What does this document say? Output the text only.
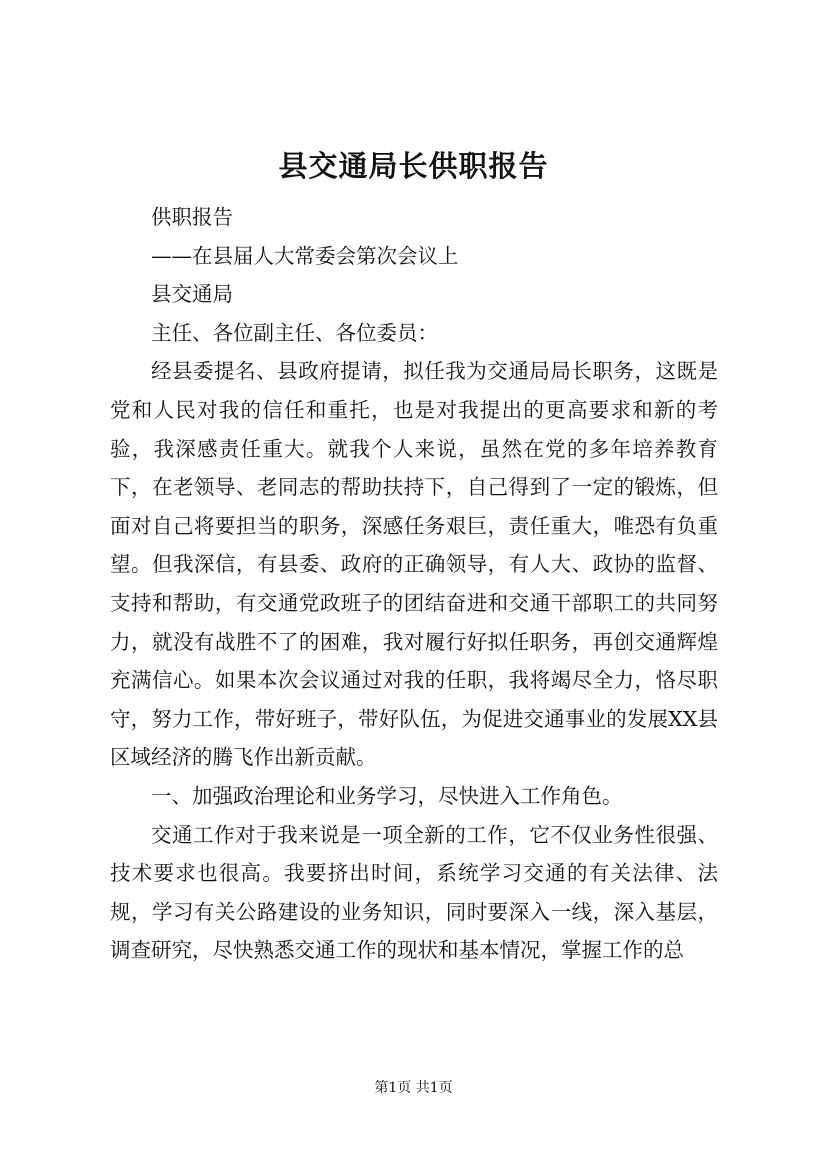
县交通局长供职报告

供职报告

——在县届人大常委会第次会议上

县交通局

主任、各位副主任、各位委员：

经县委提名、县政府提请，拟任我为交通局局长职务，这既是党和人民对我的信任和重托，也是对我提出的更高要求和新的考验，我深感责任重大。就我个人来说，虽然在党的多年培养教育下，在老领导、老同志的帮助扶持下，自己得到了一定的锻炼，但面对自己将要担当的职务，深感任务艰巨，责任重大，唯恐有负重望。但我深信，有县委、政府的正确领导，有人大、政协的监督、支持和帮助，有交通党政班子的团结奋进和交通干部职工的共同努力，就没有战胜不了的困难，我对履行好拟任职务，再创交通辉煌充满信心。如果本次会议通过对我的任职，我将竭尽全力，恪尽职守，努力工作，带好班子，带好队伍，为促进交通事业的发展XX县区域经济的腾飞作出新贡献。

一、加强政治理论和业务学习，尽快进入工作角色。

交通工作对于我来说是一项全新的工作，它不仅业务性很强、技术要求也很高。我要挤出时间，系统学习交通的有关法律、法规，学习有关公路建设的业务知识，同时要深入一线，深入基层，调查研究，尽快熟悉交通工作的现状和基本情况，掌握工作的总

第1页 共1页
